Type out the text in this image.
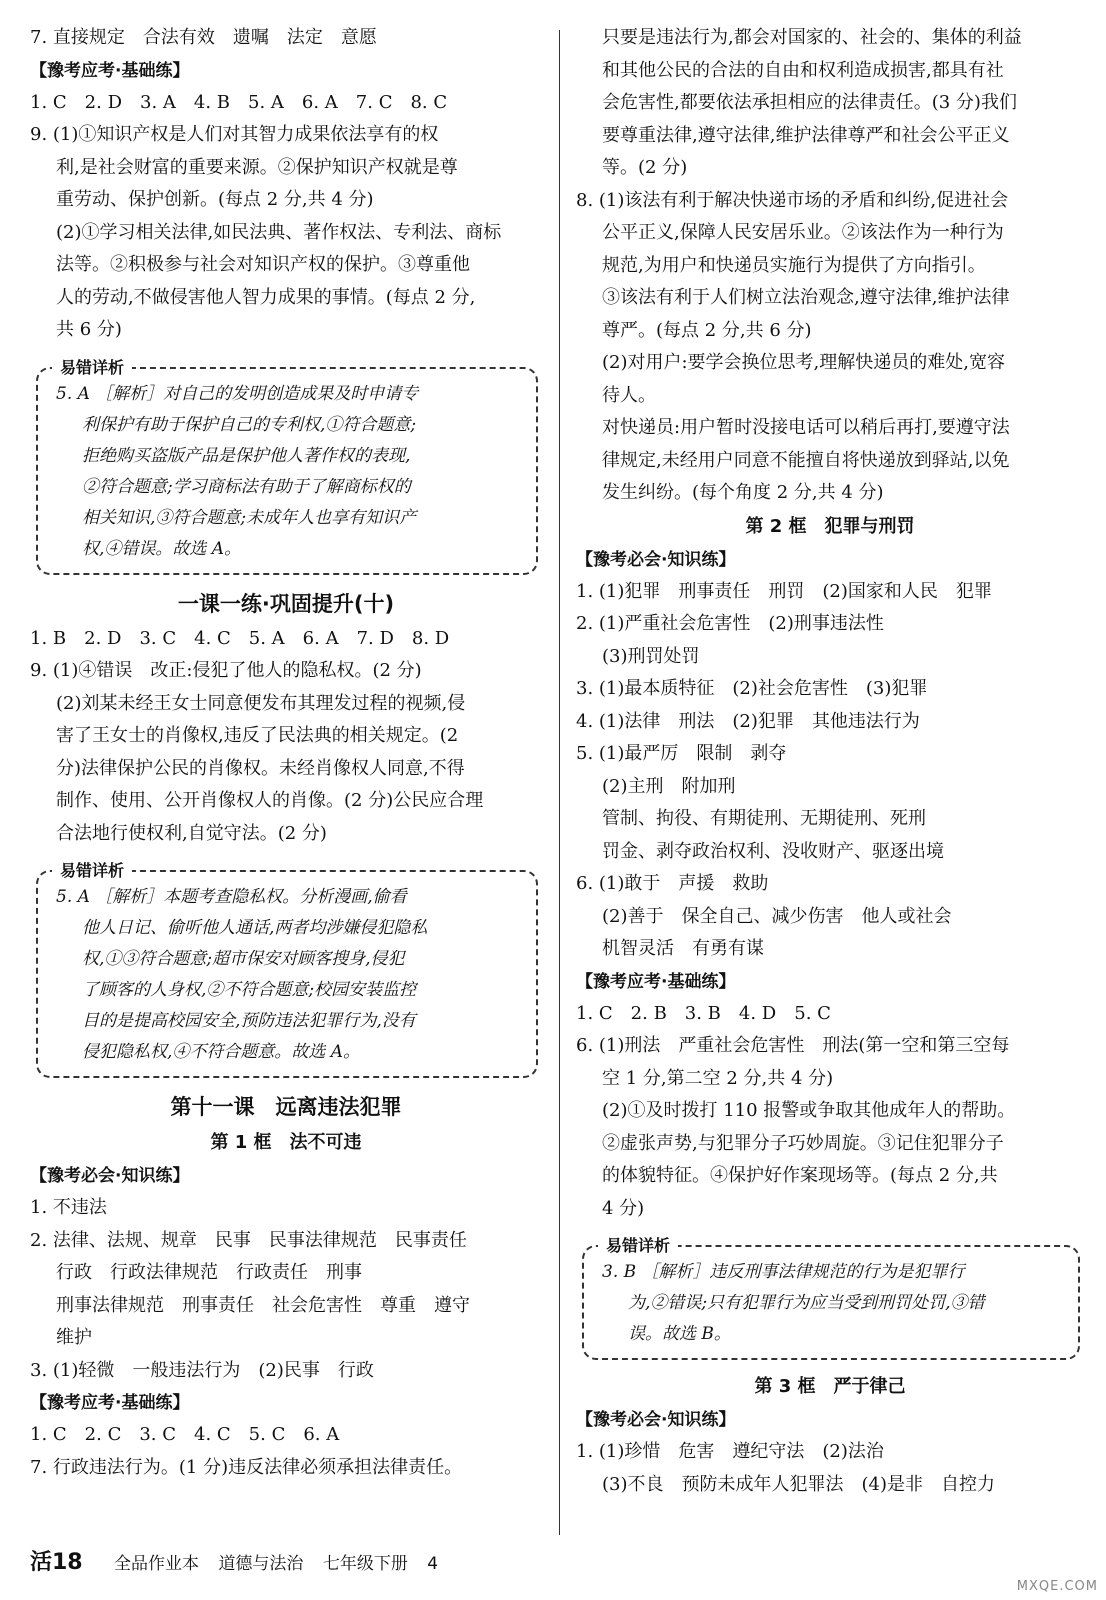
7. 直接规定　合法有效　遗嘱　法定　意愿
【豫考应考·基础练】
1. C　2. D　3. A　4. B　5. A　6. A　7. C　8. C
9. (1)①知识产权是人们对其智力成果依法享有的权
利,是社会财富的重要来源。②保护知识产权就是尊
重劳动、保护创新。(每点 2 分,共 4 分)
(2)①学习相关法律,如民法典、著作权法、专利法、商标
法等。②积极参与社会对知识产权的保护。③尊重他
人的劳动,不做侵害他人智力成果的事情。(每点 2 分,
共 6 分)
易错详析
5. A ［解析］对自己的发明创造成果及时申请专
利保护有助于保护自己的专利权,①符合题意;
拒绝购买盗版产品是保护他人著作权的表现,
②符合题意;学习商标法有助于了解商标权的
相关知识,③符合题意;未成年人也享有知识产
权,④错误。故选 A。
一课一练·巩固提升(十)
1. B　2. D　3. C　4. C　5. A　6. A　7. D　8. D
9. (1)④错误　改正:侵犯了他人的隐私权。(2 分)
(2)刘某未经王女士同意便发布其理发过程的视频,侵
害了王女士的肖像权,违反了民法典的相关规定。(2
分)法律保护公民的肖像权。未经肖像权人同意,不得
制作、使用、公开肖像权人的肖像。(2 分)公民应合理
合法地行使权利,自觉守法。(2 分)
易错详析
5. A ［解析］本题考查隐私权。分析漫画,偷看
他人日记、偷听他人通话,两者均涉嫌侵犯隐私
权,①③符合题意;超市保安对顾客搜身,侵犯
了顾客的人身权,②不符合题意;校园安装监控
目的是提高校园安全,预防违法犯罪行为,没有
侵犯隐私权,④不符合题意。故选 A。
第十一课　远离违法犯罪
第 1 框　法不可违
【豫考必会·知识练】
1. 不违法
2. 法律、法规、规章　民事　民事法律规范　民事责任
行政　行政法律规范　行政责任　刑事
刑事法律规范　刑事责任　社会危害性　尊重　遵守
维护
3. (1)轻微　一般违法行为　(2)民事　行政
【豫考应考·基础练】
1. C　2. C　3. C　4. C　5. C　6. A
7. 行政违法行为。(1 分)违反法律必须承担法律责任。
只要是违法行为,都会对国家的、社会的、集体的利益
和其他公民的合法的自由和权利造成损害,都具有社
会危害性,都要依法承担相应的法律责任。(3 分)我们
要尊重法律,遵守法律,维护法律尊严和社会公平正义
等。(2 分)
8. (1)该法有利于解决快递市场的矛盾和纠纷,促进社会
公平正义,保障人民安居乐业。②该法作为一种行为
规范,为用户和快递员实施行为提供了方向指引。
③该法有利于人们树立法治观念,遵守法律,维护法律
尊严。(每点 2 分,共 6 分)
(2)对用户:要学会换位思考,理解快递员的难处,宽容
待人。
对快递员:用户暂时没接电话可以稍后再打,要遵守法
律规定,未经用户同意不能擅自将快递放到驿站,以免
发生纠纷。(每个角度 2 分,共 4 分)
第 2 框　犯罪与刑罚
【豫考必会·知识练】
1. (1)犯罪　刑事责任　刑罚　(2)国家和人民　犯罪
2. (1)严重社会危害性　(2)刑事违法性
(3)刑罚处罚
3. (1)最本质特征　(2)社会危害性　(3)犯罪
4. (1)法律　刑法　(2)犯罪　其他违法行为
5. (1)最严厉　限制　剥夺
(2)主刑　附加刑
管制、拘役、有期徒刑、无期徒刑、死刑
罚金、剥夺政治权利、没收财产、驱逐出境
6. (1)敢于　声援　救助
(2)善于　保全自己、减少伤害　他人或社会
机智灵活　有勇有谋
【豫考应考·基础练】
1. C　2. B　3. B　4. D　5. C
6. (1)刑法　严重社会危害性　刑法(第一空和第三空每
空 1 分,第二空 2 分,共 4 分)
(2)①及时拨打 110 报警或争取其他成年人的帮助。
②虚张声势,与犯罪分子巧妙周旋。③记住犯罪分子
的体貌特征。④保护好作案现场等。(每点 2 分,共
4 分)
易错详析
3. B ［解析］违反刑事法律规范的行为是犯罪行
为,②错误;只有犯罪行为应当受到刑罚处罚,③错
误。故选 B。
第 3 框　严于律己
【豫考必会·知识练】
1. (1)珍惜　危害　遵纪守法　(2)法治
(3)不良　预防未成年人犯罪法　(4)是非　自控力
活18 全品作业本 道德与法治 七年级下册 4
MXQE.COM
